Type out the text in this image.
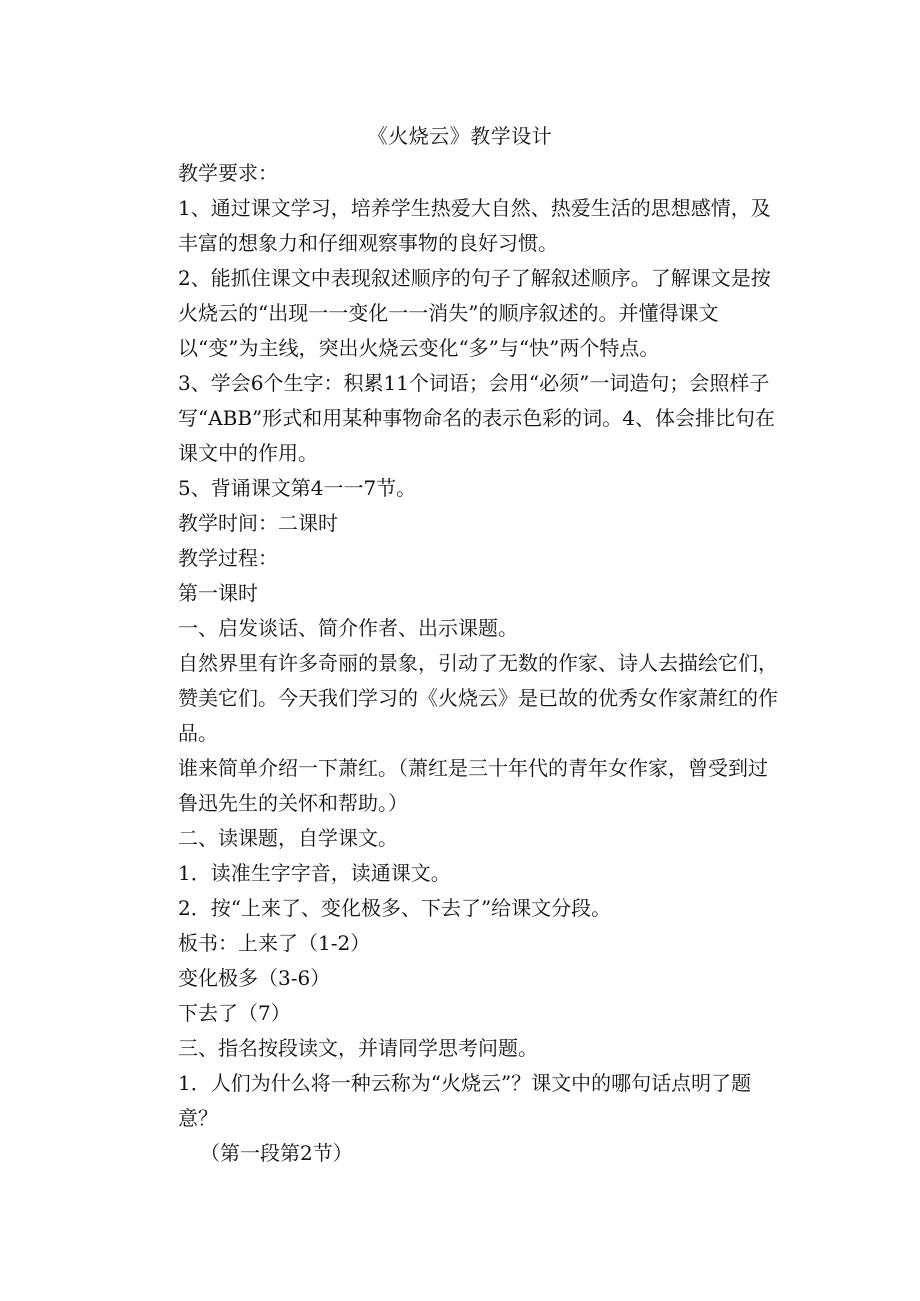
《火烧云》教学设计

教学要求：

1、通过课文学习，培养学生热爱大自然、热爱生活的思想感情，及丰富的想象力和仔细观察事物的良好习惯。

2、能抓住课文中表现叙述顺序的句子了解叙述顺序。了解课文是按火烧云的“出现一一变化一一消失”的顺序叙述的。并懂得课文以“变”为主线，突出火烧云变化“多”与“快”两个特点。

3、学会6个生字：积累11个词语；会用“必须”一词造句；会照样子写“ABB”形式和用某种事物命名的表示色彩的词。4、体会排比句在课文中的作用。

5、背诵课文第4一一7节。

教学时间：二课时

教学过程：

第一课时

一、启发谈话、简介作者、出示课题。

自然界里有许多奇丽的景象，引动了无数的作家、诗人去描绘它们，赞美它们。今天我们学习的《火烧云》是已故的优秀女作家萧红的作品。

谁来简单介绍一下萧红。（萧红是三十年代的青年女作家，曾受到过鲁迅先生的关怀和帮助。）

二、读课题，自学课文。

1．读准生字字音，读通课文。

2．按“上来了、变化极多、下去了”给课文分段。

板书：上来了（1-2）

变化极多（3-6）

下去了（7）

三、指名按段读文，并请同学思考问题。

1．人们为什么将一种云称为“火烧云”？课文中的哪句话点明了题意？

（第一段第2节）
